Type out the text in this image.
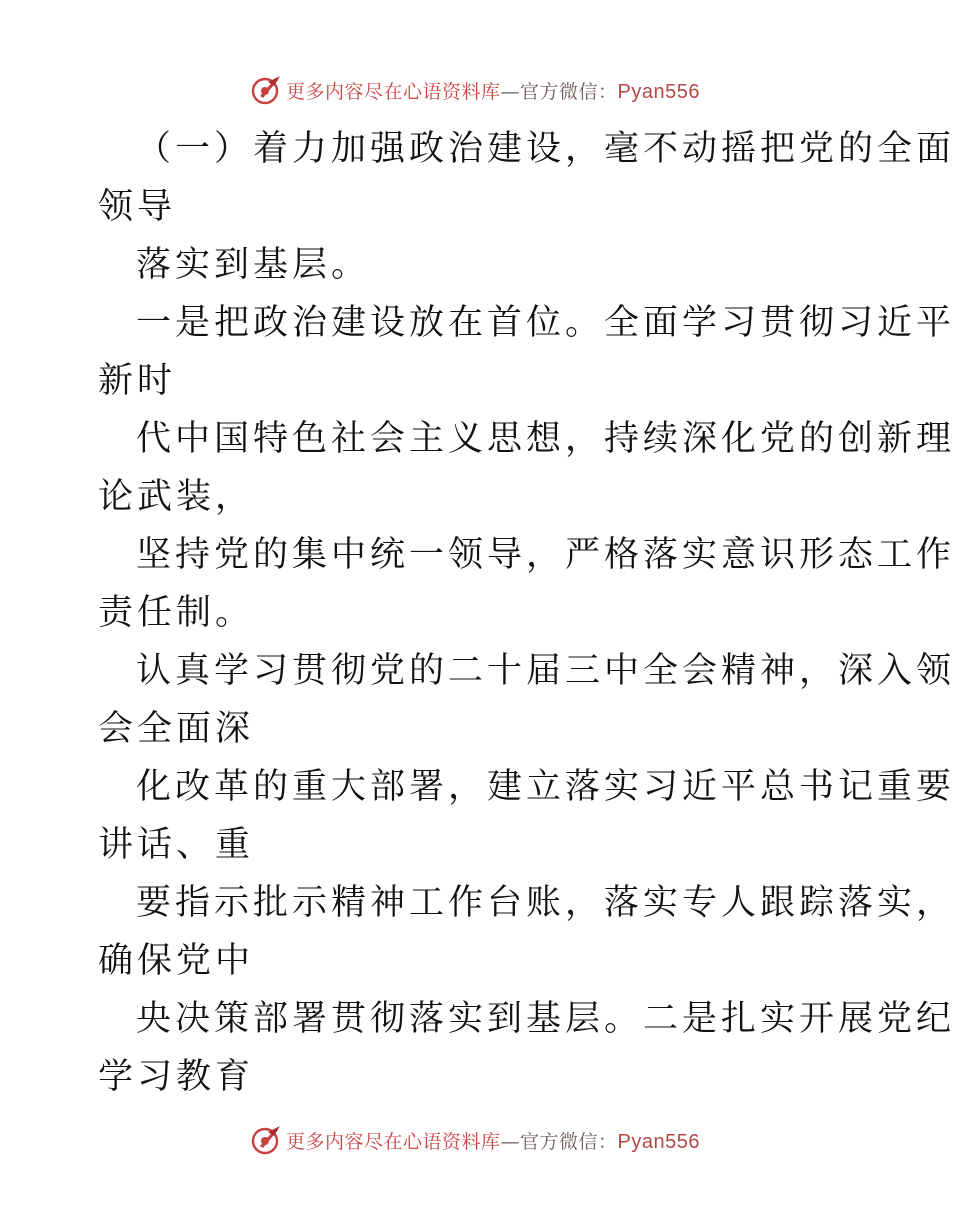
更多内容尽在心语资料库 — 官方微信： Pyan556
（一）着力加强政治建设，毫不动摇把党的全面
领导
落实到基层。
一是把政治建设放在首位。全面学习贯彻习近平
新时
代中国特色社会主义思想，持续深化党的创新理
论武装，
坚持党的集中统一领导，严格落实意识形态工作
责任制。
认真学习贯彻党的二十届三中全会精神，深入领
会全面深
化改革的重大部署，建立落实习近平总书记重要
讲话、重
要指示批示精神工作台账，落实专人跟踪落实，
确保党中
央决策部署贯彻落实到基层。二是扎实开展党纪
学习教育
更多内容尽在心语资料库 — 官方微信： Pyan556
